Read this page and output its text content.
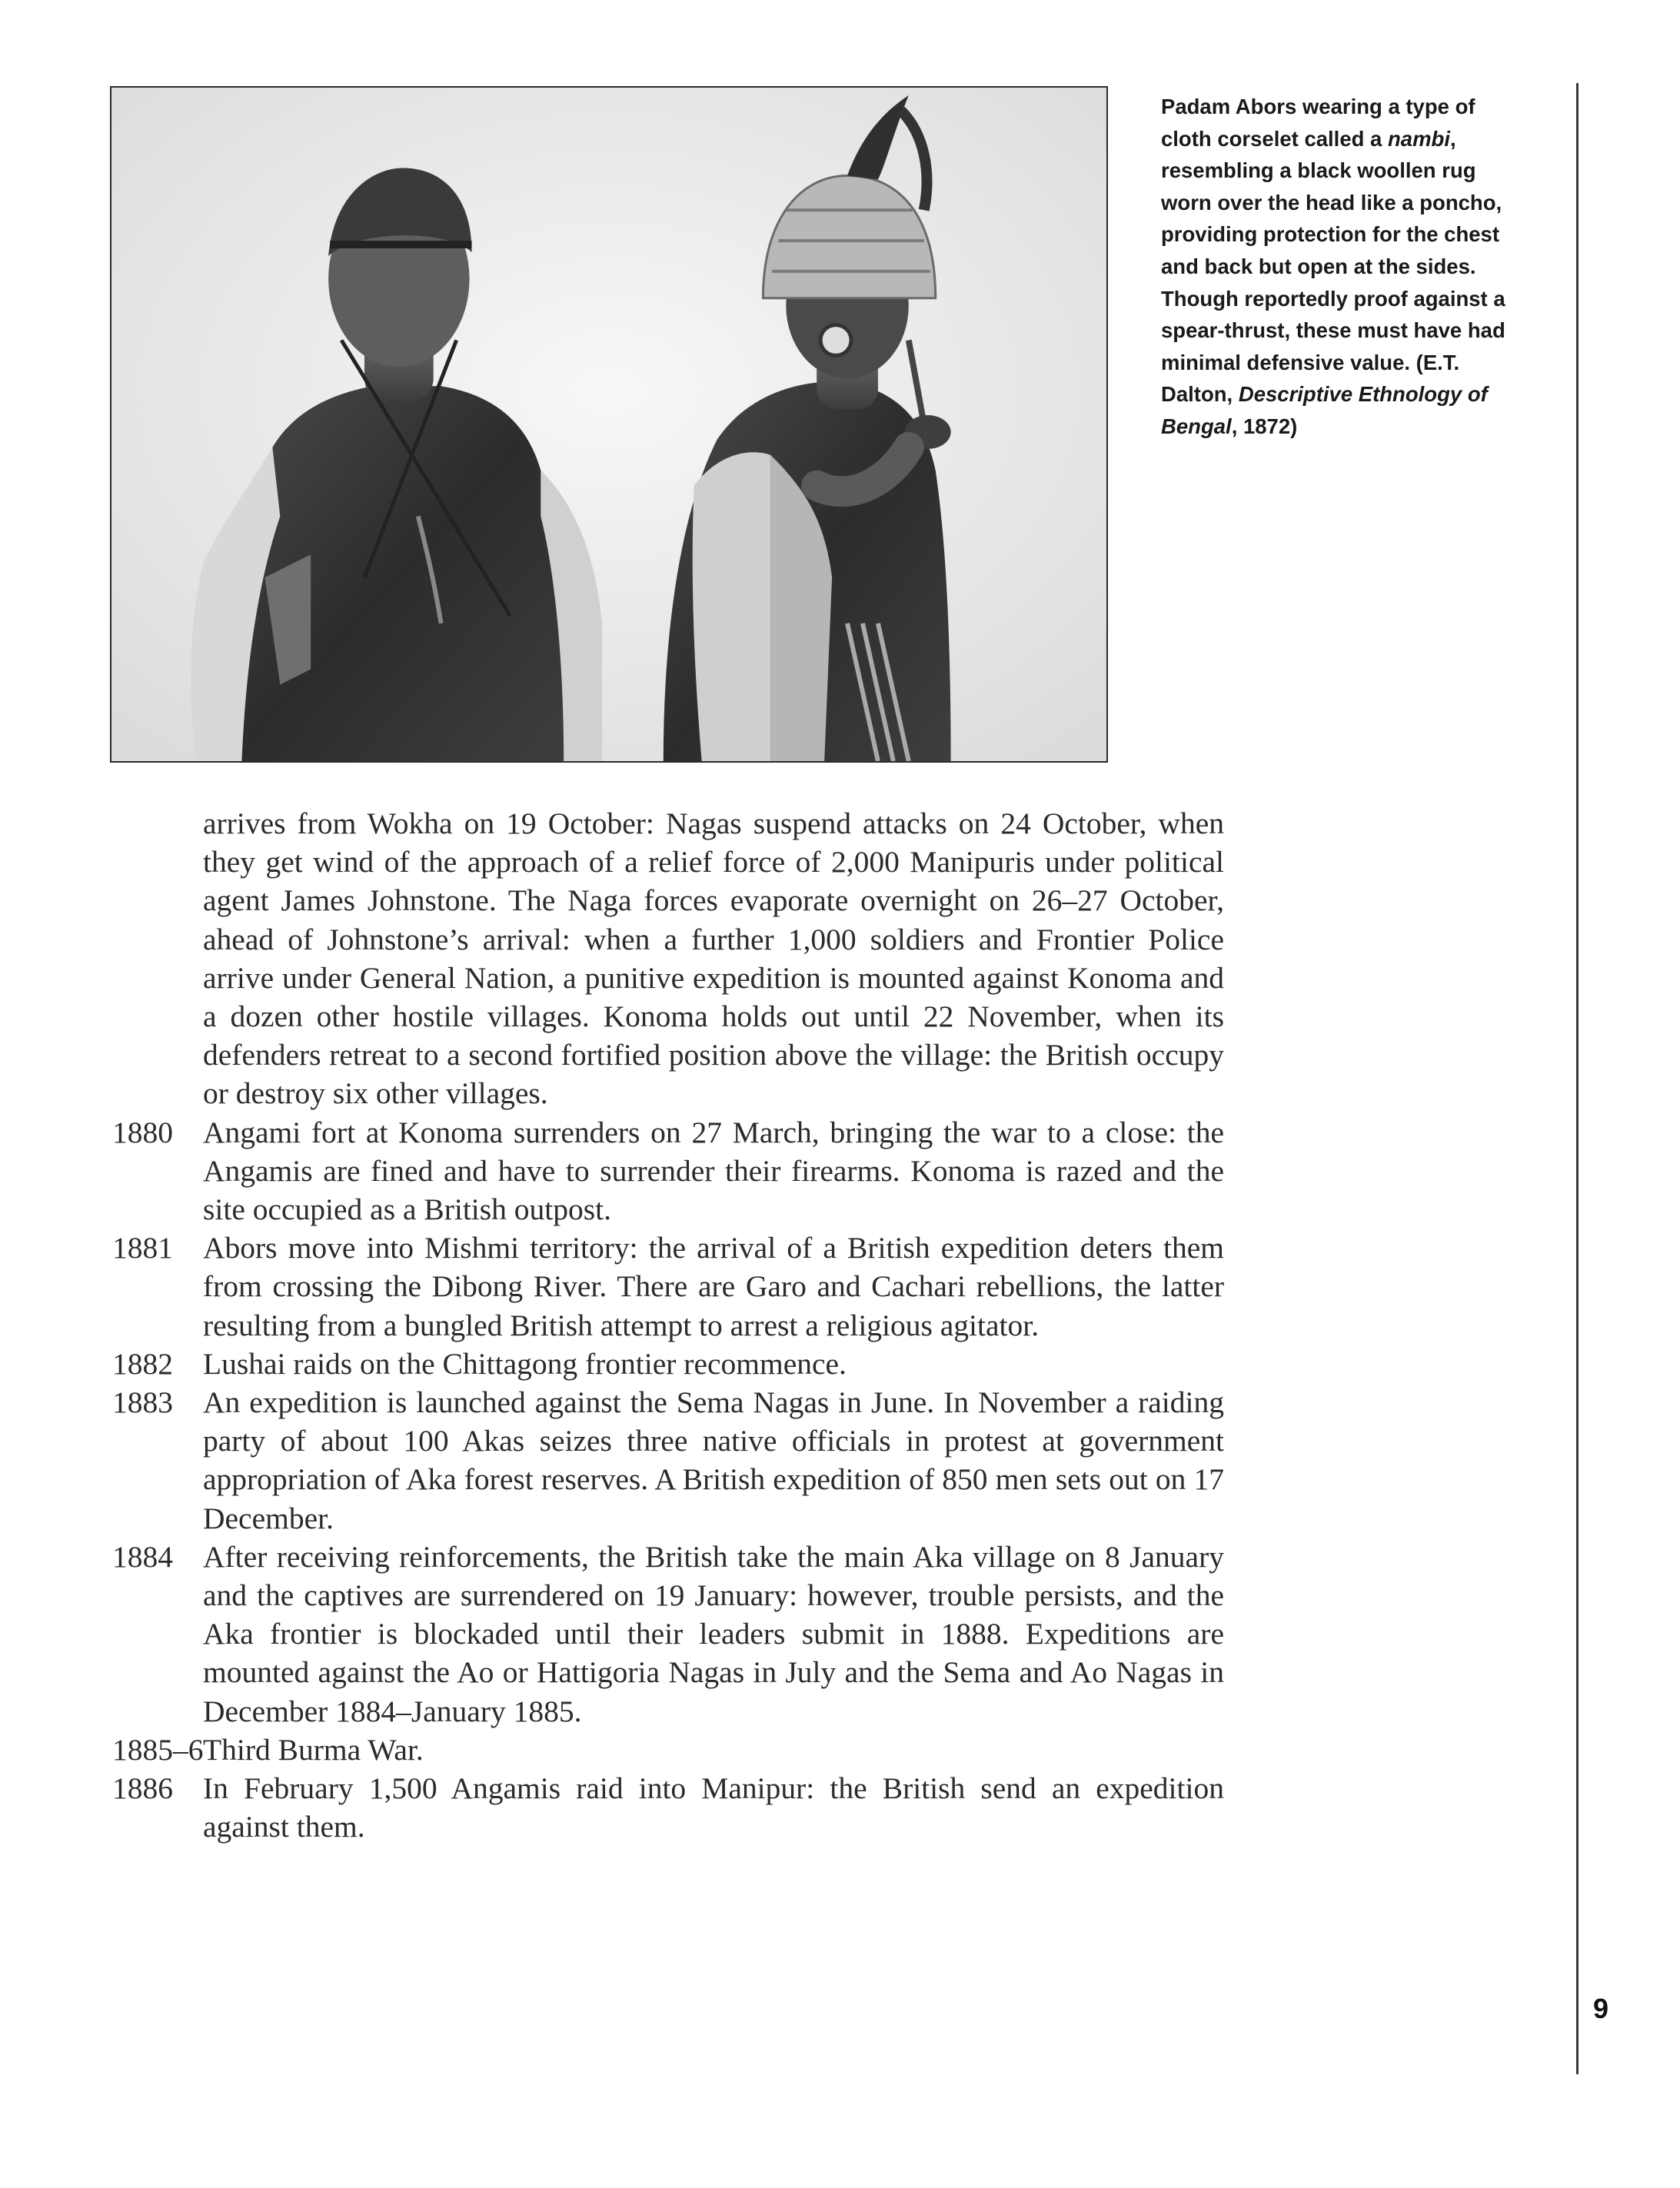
Padam Abors wearing a type of cloth corselet called a nambi, resembling a black woollen rug worn over the head like a poncho, providing protection for the chest and back but open at the sides. Though reportedly proof against a spear-thrust, these must have had minimal defensive value. (E.T. Dalton, Descriptive Ethnology of Bengal, 1872)

arrives from Wokha on 19 October: Nagas suspend attacks on 24 October, when they get wind of the approach of a relief force of 2,000 Manipuris under political agent James Johnstone. The Naga forces evaporate overnight on 26–27 October, ahead of Johnstone’s arrival: when a further 1,000 soldiers and Frontier Police arrive under General Nation, a punitive expedition is mounted against Konoma and a dozen other hostile villages. Konoma holds out until 22 November, when its defenders retreat to a second fortified position above the village: the British occupy or destroy six other villages.

1880 Angami fort at Konoma surrenders on 27 March, bringing the war to a close: the Angamis are fined and have to surrender their firearms. Konoma is razed and the site occupied as a British outpost.

1881 Abors move into Mishmi territory: the arrival of a British expedition deters them from crossing the Dibong River. There are Garo and Cachari rebellions, the latter resulting from a bungled British attempt to arrest a religious agitator.

1882 Lushai raids on the Chittagong frontier recommence.

1883 An expedition is launched against the Sema Nagas in June. In November a raiding party of about 100 Akas seizes three native officials in protest at government appropriation of Aka forest reserves. A British expedition of 850 men sets out on 17 December.

1884 After receiving reinforcements, the British take the main Aka village on 8 January and the captives are surrendered on 19 January: however, trouble persists, and the Aka frontier is blockaded until their leaders submit in 1888. Expeditions are mounted against the Ao or Hattigoria Nagas in July and the Sema and Ao Nagas in December 1884–January 1885.

1885–6 Third Burma War.

1886 In February 1,500 Angamis raid into Manipur: the British send an expedition against them.

9
